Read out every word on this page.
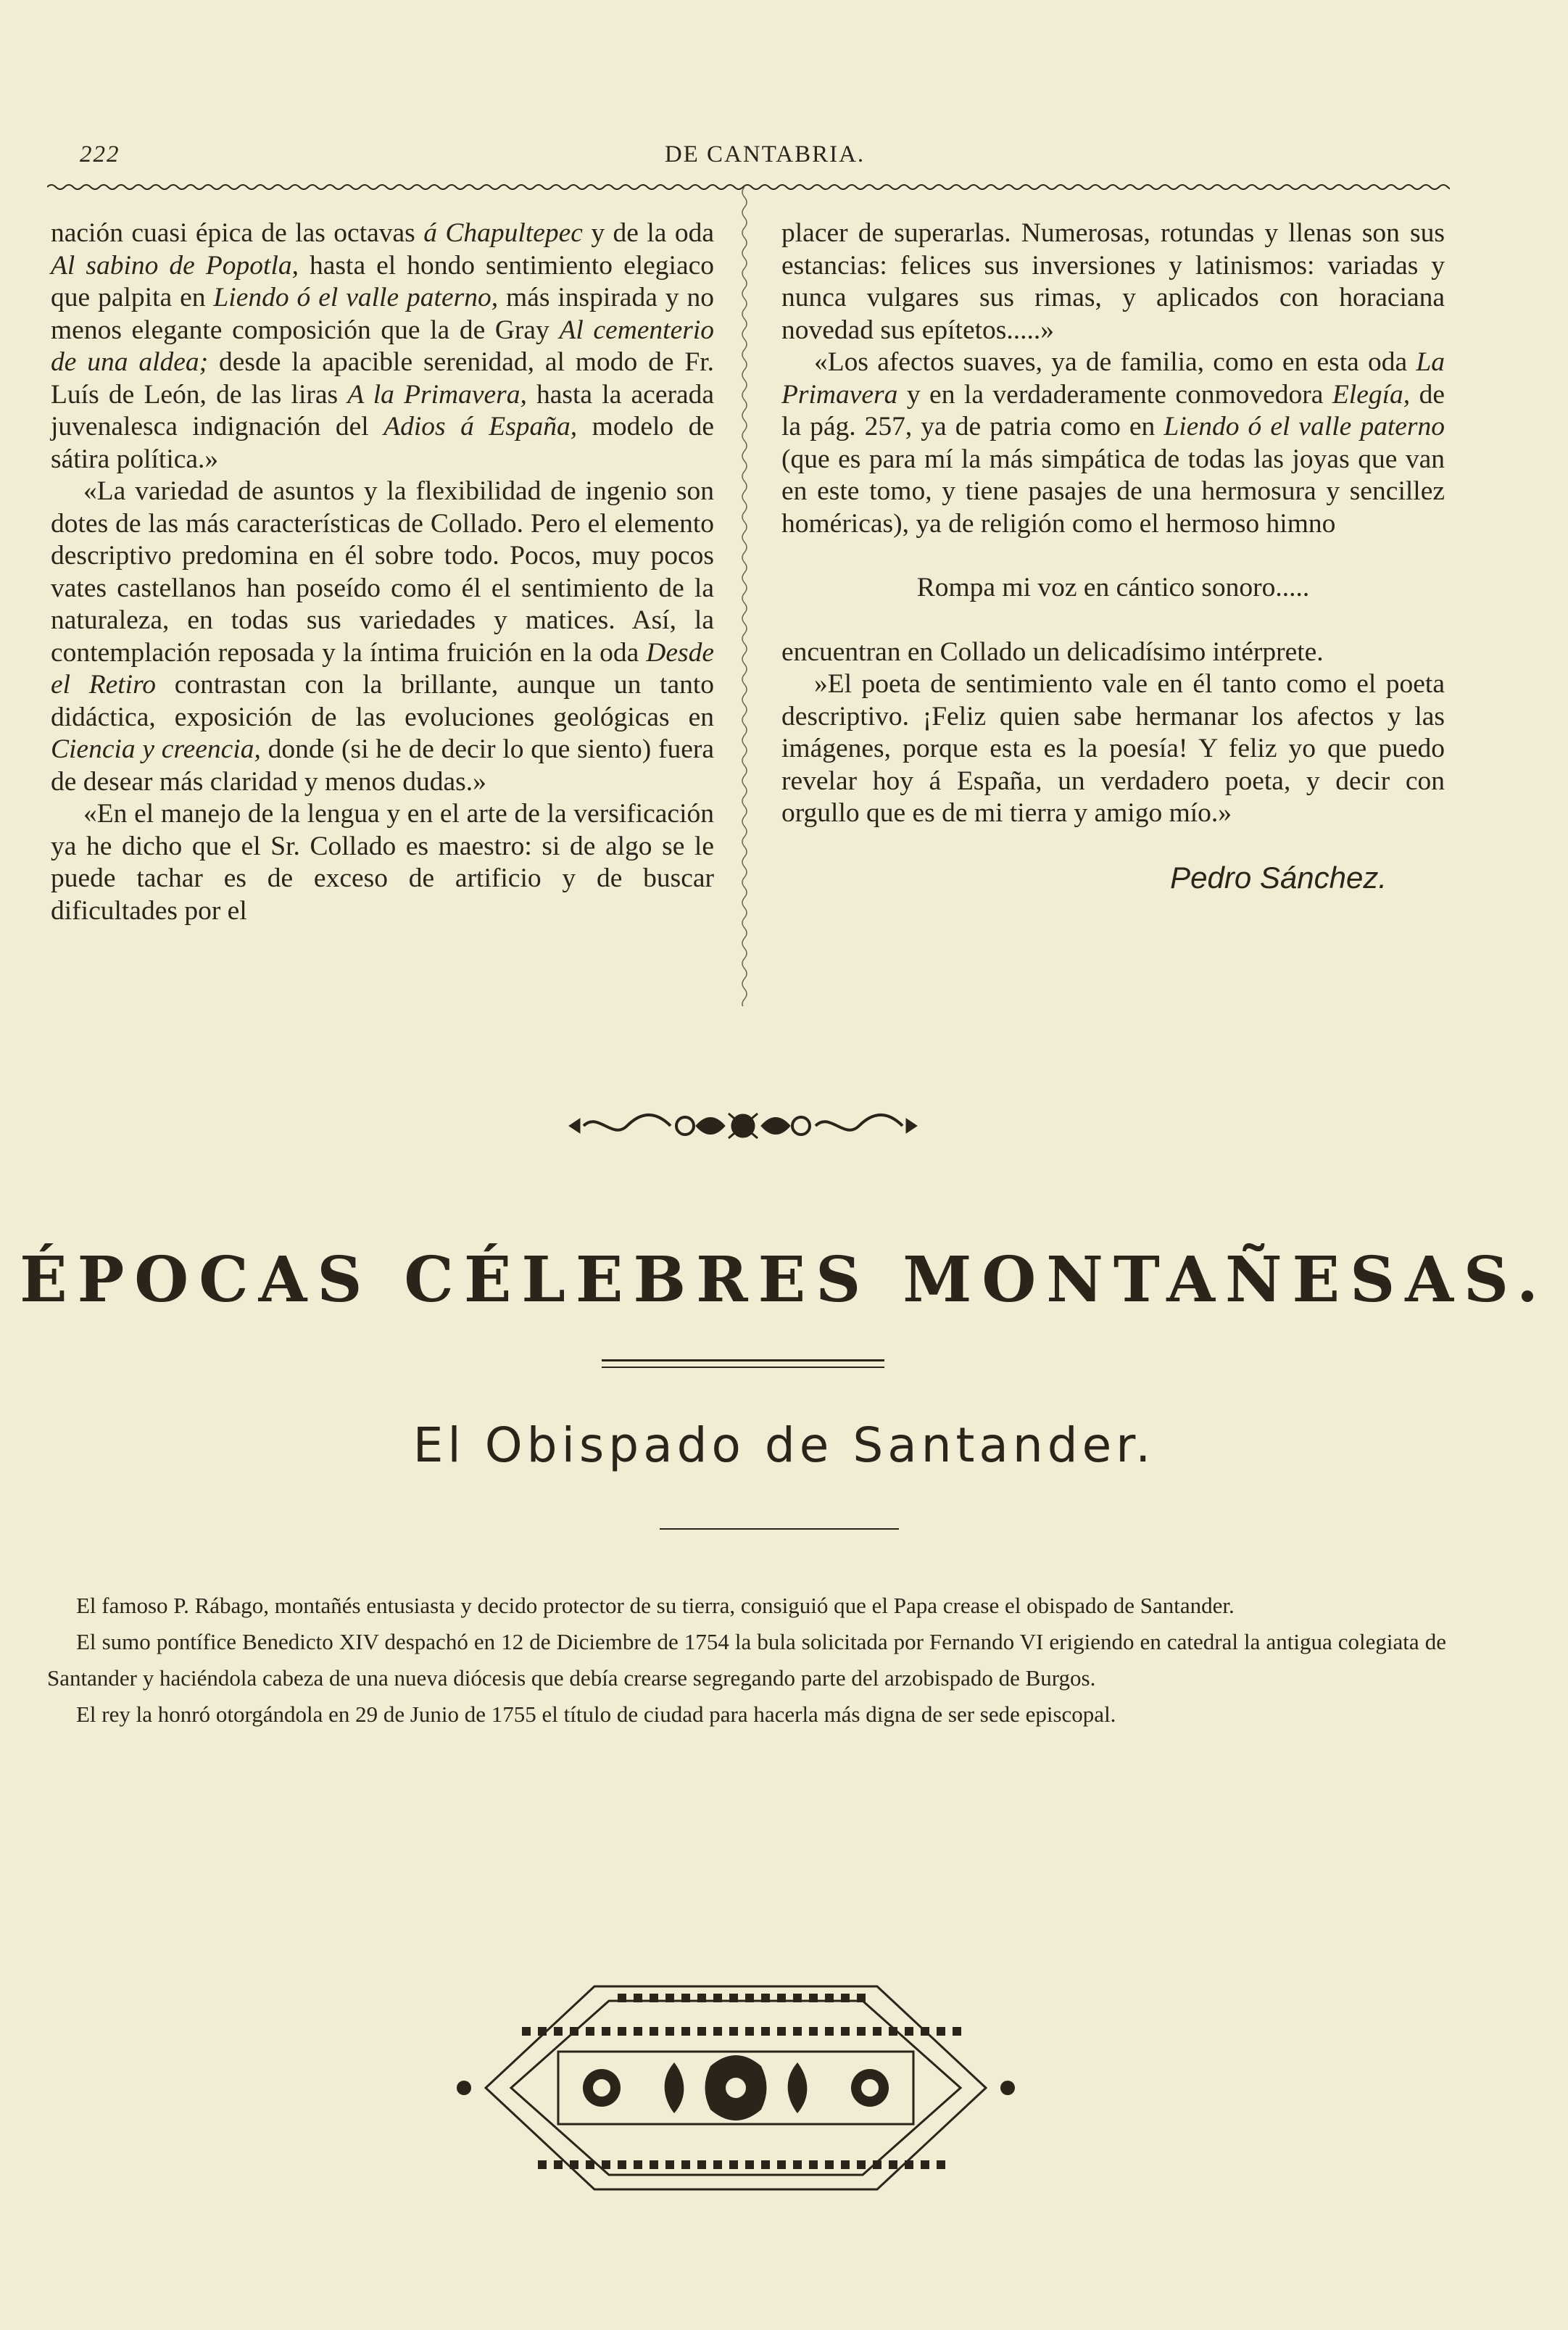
222	DE CANTABRIA.

nación cuasi épica de las octavas á Chapultepec y de la oda Al sabino de Popotla, hasta el hondo sentimiento elegiaco que palpita en Liendo ó el valle paterno, más inspirada y no menos elegante composición que la de Gray Al cementerio de una aldea; desde la apacible serenidad, al modo de Fr. Luís de León, de las liras A la Primavera, hasta la acerada juvenalesca indignación del Adios á España, modelo de sátira política.»

«La variedad de asuntos y la flexibilidad de ingenio son dotes de las más características de Collado. Pero el elemento descriptivo predomina en él sobre todo. Pocos, muy pocos vates castellanos han poseído como él el sentimiento de la naturaleza, en todas sus variedades y matices. Así, la contemplación reposada y la íntima fruición en la oda Desde el Retiro contrastan con la brillante, aunque un tanto didáctica, exposición de las evoluciones geológicas en Ciencia y creencia, donde (si he de decir lo que siento) fuera de desear más claridad y menos dudas.»

«En el manejo de la lengua y en el arte de la versificación ya he dicho que el Sr. Collado es maestro: si de algo se le puede tachar es de exceso de artificio y de buscar dificultades por el

placer de superarlas. Numerosas, rotundas y llenas son sus estancias: felices sus inversiones y latinismos: variadas y nunca vulgares sus rimas, y aplicados con horaciana novedad sus epítetos.....»

«Los afectos suaves, ya de familia, como en esta oda La Primavera y en la verdaderamente conmovedora Elegía, de la pág. 257, ya de patria como en Liendo ó el valle paterno (que es para mí la más simpática de todas las joyas que van en este tomo, y tiene pasajes de una hermosura y sencillez homéricas), ya de religión como el hermoso himno

Rompa mi voz en cántico sonoro.....

encuentran en Collado un delicadísimo intérprete.

»El poeta de sentimiento vale en él tanto como el poeta descriptivo. ¡Feliz quien sabe hermanar los afectos y las imágenes, porque esta es la poesía! Y feliz yo que puedo revelar hoy á España, un verdadero poeta, y decir con orgullo que es de mi tierra y amigo mío.»

Pedro Sánchez.

ÉPOCAS CÉLEBRES MONTAÑESAS.
El Obispado de Santander.

El famoso P. Rábago, montañés entusiasta y decido protector de su tierra, consiguió que el Papa crease el obispado de Santander.

El sumo pontífice Benedicto XIV despachó en 12 de Diciembre de 1754 la bula solicitada por Fernando VI erigiendo en catedral la antigua colegiata de Santander y haciéndola cabeza de una nueva diócesis que debía crearse segregando parte del arzobispado de Burgos.

El rey la honró otorgándola en 29 de Junio de 1755 el título de ciudad para hacerla más digna de ser sede episcopal.
